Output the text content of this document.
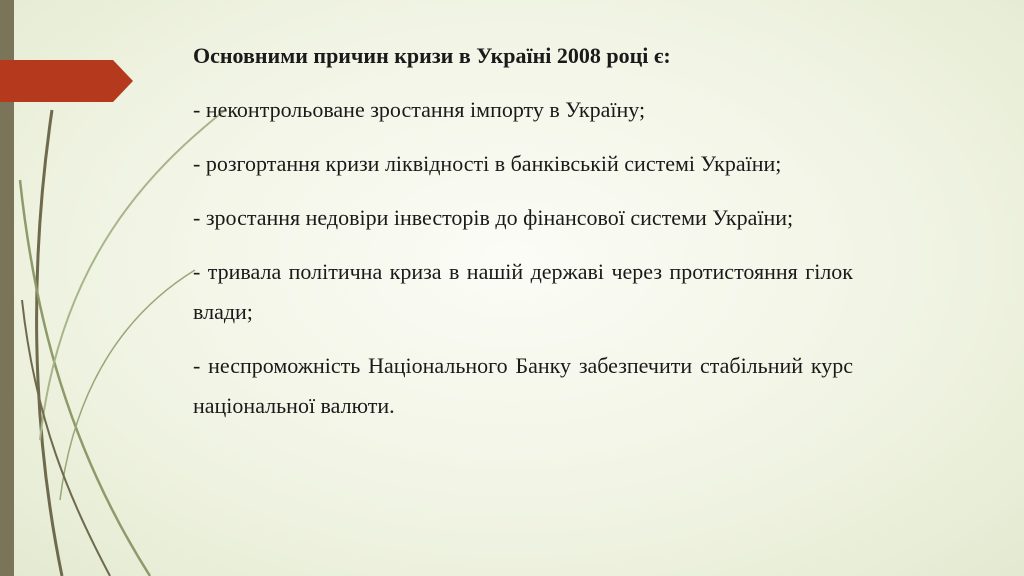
Основними причин кризи в Україні 2008 році є:
- неконтрольоване зростання імпорту в Україну;
- розгортання кризи ліквідності в банківській системі України;
- зростання недовіри інвесторів до фінансової системи України;
- тривала політична криза в нашій державі через протистояння гілок влади;
- неспроможність Національного Банку забезпечити стабільний курс національної валюти.
